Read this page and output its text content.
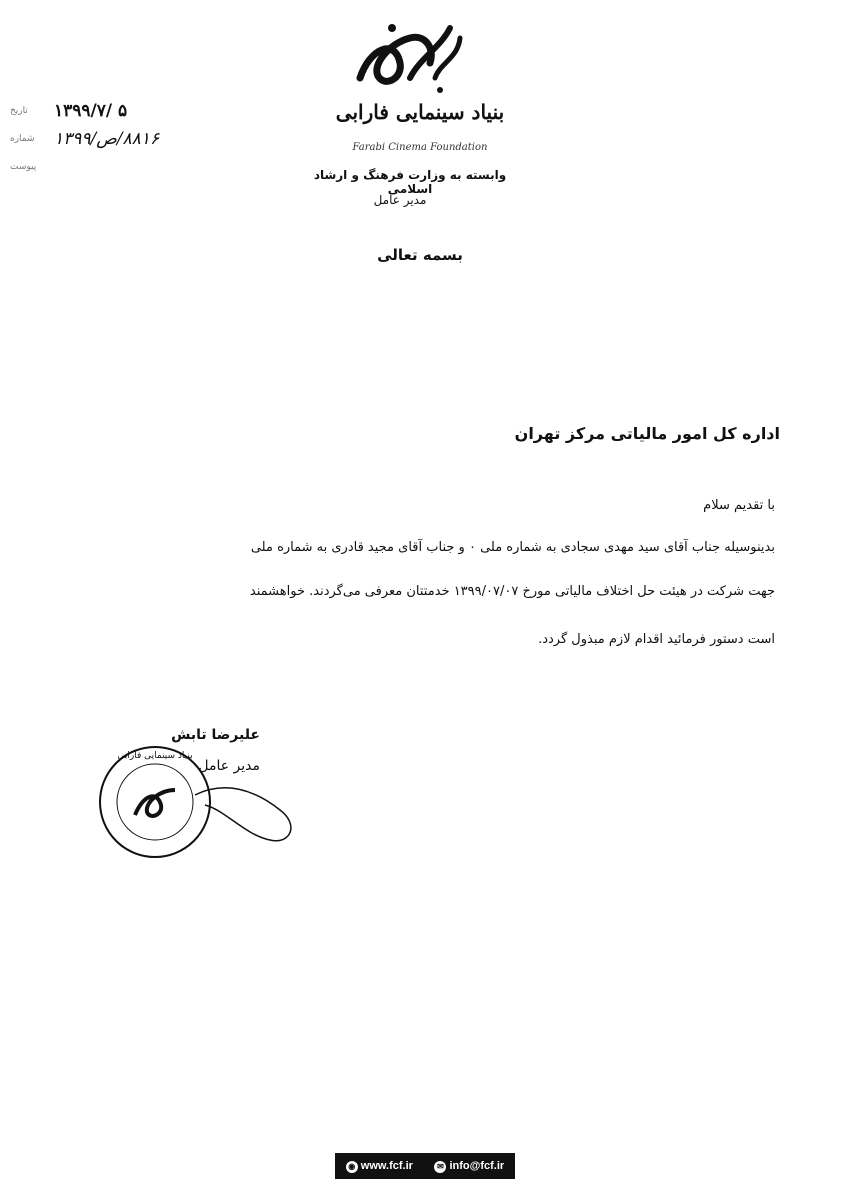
بنیاد سینمایی فارابی
Farabi Cinema Foundation
وابسته به وزارت فرهنگ و ارشاد اسلامی
مدیر عامل
تاریخ	۱۳۹۹/۷/ ۵
شماره	۸۸۱۶/ص/۱۳۹۹
پیوست
بسمه تعالی
اداره کل امور مالیاتی مرکز تهران
با تقدیم سلام
بدینوسیله جناب آقای سید مهدی سجادی به شماره ملی ۰ و جناب آقای مجید قادری به شماره ملی
جهت شرکت در هیئت حل اختلاف مالیاتی مورخ ۱۳۹۹/۰۷/۰۷ خدمتتان معرفی می‌گردند. خواهشمند
است دستور فرمائید اقدام لازم مبذول گردد.
بنیاد سینمایی فارابی
علیرضا تابش
مدیر عامل
◉ www.fcf.ir	✉ info@fcf.ir
